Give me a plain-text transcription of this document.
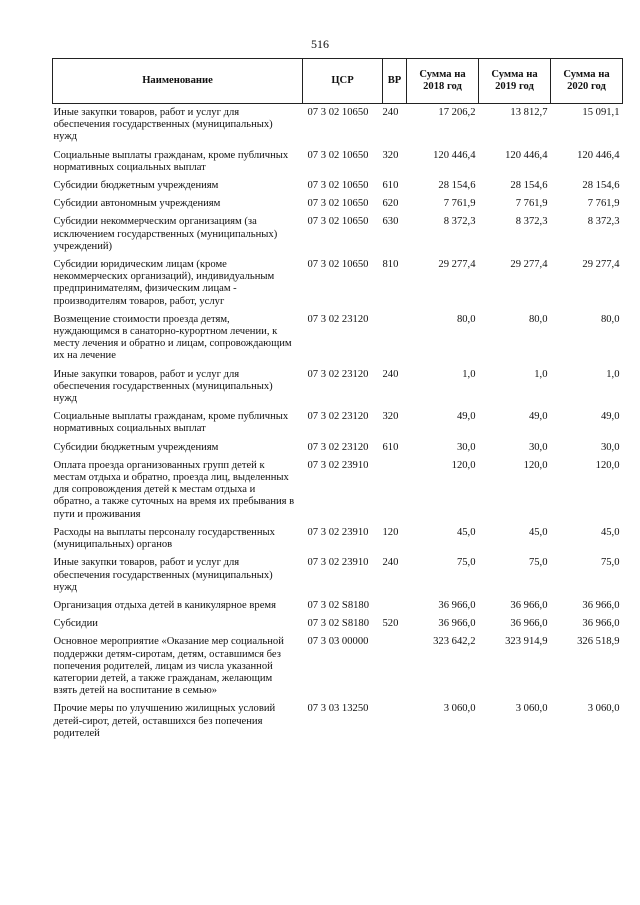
516
Наименование	ЦСР	ВР	Сумма на 2018 год	Сумма на 2019 год	Сумма на 2020 год
Иные закупки товаров, работ и услуг для обеспечения государственных (муниципальных) нужд	07 3 02 10650	240	17 206,2	13 812,7	15 091,1
Социальные выплаты гражданам, кроме публичных нормативных социальных выплат	07 3 02 10650	320	120 446,4	120 446,4	120 446,4
Субсидии бюджетным учреждениям	07 3 02 10650	610	28 154,6	28 154,6	28 154,6
Субсидии автономным учреждениям	07 3 02 10650	620	7 761,9	7 761,9	7 761,9
Субсидии некоммерческим организациям (за исключением государственных (муниципальных) учреждений)	07 3 02 10650	630	8 372,3	8 372,3	8 372,3
Субсидии юридическим лицам (кроме некоммерческих организаций), индивидуальным предпринимателям, физическим лицам - производителям товаров, работ, услуг	07 3 02 10650	810	29 277,4	29 277,4	29 277,4
Возмещение стоимости проезда детям, нуждающимся в санаторно-курортном лечении, к месту лечения и обратно и лицам, сопровождающим их на лечение	07 3 02 23120		80,0	80,0	80,0
Иные закупки товаров, работ и услуг для обеспечения государственных (муниципальных) нужд	07 3 02 23120	240	1,0	1,0	1,0
Социальные выплаты гражданам, кроме публичных нормативных социальных выплат	07 3 02 23120	320	49,0	49,0	49,0
Субсидии бюджетным учреждениям	07 3 02 23120	610	30,0	30,0	30,0
Оплата проезда организованных групп детей к местам отдыха и обратно, проезда лиц, выделенных для сопровождения детей к местам отдыха и обратно, а также суточных на время их пребывания в пути и проживания	07 3 02 23910		120,0	120,0	120,0
Расходы на выплаты персоналу государственных (муниципальных) органов	07 3 02 23910	120	45,0	45,0	45,0
Иные закупки товаров, работ и услуг для обеспечения государственных (муниципальных) нужд	07 3 02 23910	240	75,0	75,0	75,0
Организация отдыха детей в каникулярное время	07 3 02 S8180		36 966,0	36 966,0	36 966,0
Субсидии	07 3 02 S8180	520	36 966,0	36 966,0	36 966,0
Основное мероприятие «Оказание мер социальной поддержки детям-сиротам, детям, оставшимся без попечения родителей, лицам из числа указанной категории детей, а также гражданам, желающим взять детей на воспитание в семью»	07 3 03 00000		323 642,2	323 914,9	326 518,9
Прочие меры по улучшению жилищных условий детей-сирот, детей, оставшихся без попечения родителей	07 3 03 13250		3 060,0	3 060,0	3 060,0
